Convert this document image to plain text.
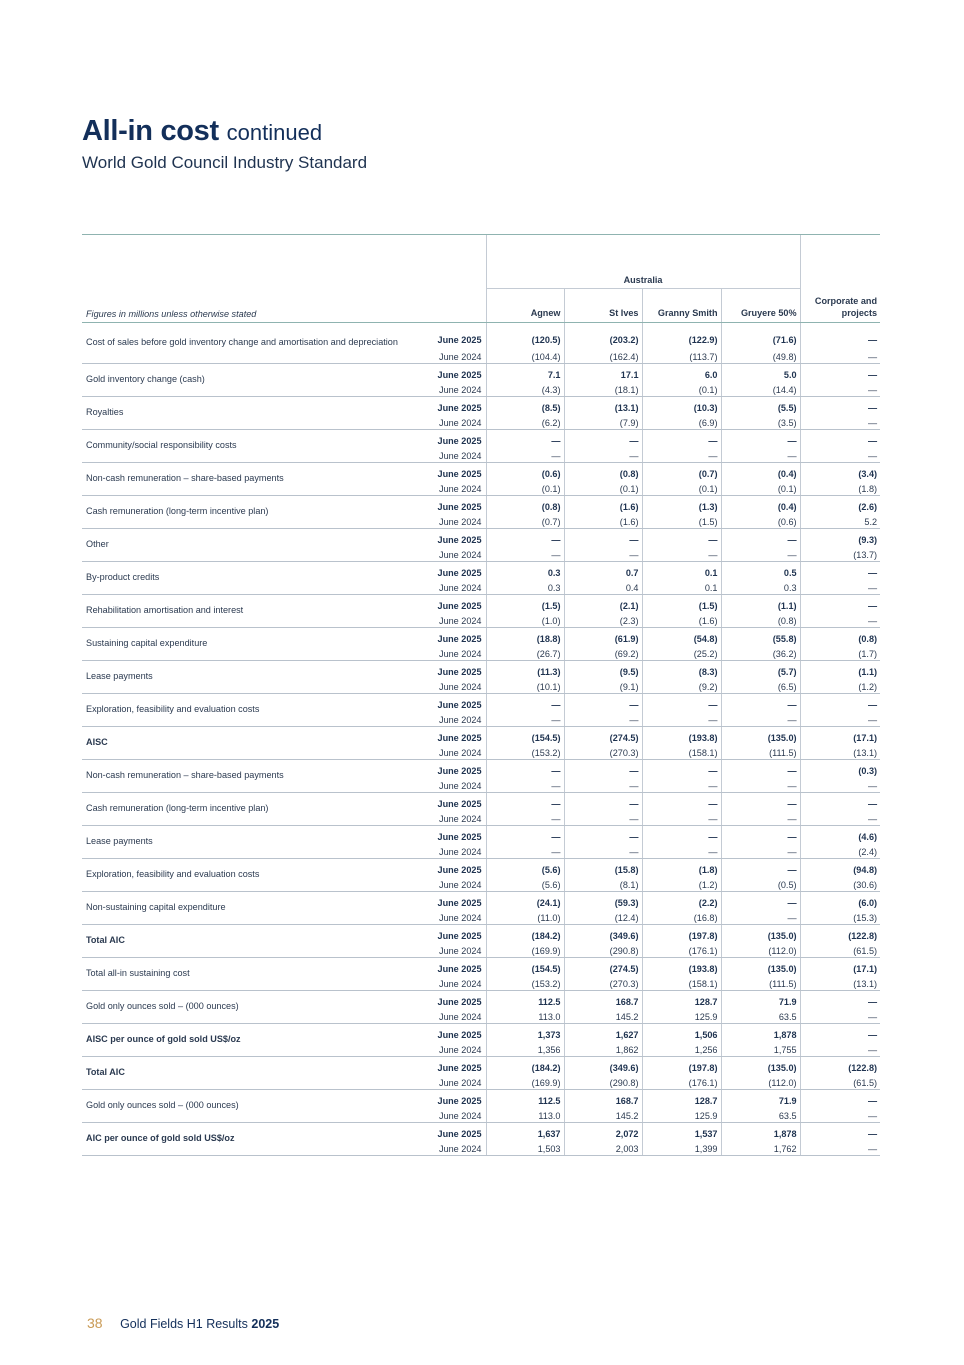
All-in cost continued

World Gold Council Industry Standard

		Australia				Corporate and projects
Figures in millions unless otherwise stated		Agnew	St Ives	Granny Smith	Gruyere 50%	
Cost of sales before gold inventory change and amortisation and depreciation	June 2025	(120.5)	(203.2)	(122.9)	(71.6)	—
	June 2024	(104.4)	(162.4)	(113.7)	(49.8)	—
Gold inventory change (cash)	June 2025	7.1	17.1	6.0	5.0	—
	June 2024	(4.3)	(18.1)	(0.1)	(14.4)	—
Royalties	June 2025	(8.5)	(13.1)	(10.3)	(5.5)	—
	June 2024	(6.2)	(7.9)	(6.9)	(3.5)	—
Community/social responsibility costs	June 2025	—	—	—	—	—
	June 2024	—	—	—	—	—
Non-cash remuneration – share-based payments	June 2025	(0.6)	(0.8)	(0.7)	(0.4)	(3.4)
	June 2024	(0.1)	(0.1)	(0.1)	(0.1)	(1.8)
Cash remuneration (long-term incentive plan)	June 2025	(0.8)	(1.6)	(1.3)	(0.4)	(2.6)
	June 2024	(0.7)	(1.6)	(1.5)	(0.6)	5.2
Other	June 2025	—	—	—	—	(9.3)
	June 2024	—	—	—	—	(13.7)
By-product credits	June 2025	0.3	0.7	0.1	0.5	—
	June 2024	0.3	0.4	0.1	0.3	—
Rehabilitation amortisation and interest	June 2025	(1.5)	(2.1)	(1.5)	(1.1)	—
	June 2024	(1.0)	(2.3)	(1.6)	(0.8)	—
Sustaining capital expenditure	June 2025	(18.8)	(61.9)	(54.8)	(55.8)	(0.8)
	June 2024	(26.7)	(69.2)	(25.2)	(36.2)	(1.7)
Lease payments	June 2025	(11.3)	(9.5)	(8.3)	(5.7)	(1.1)
	June 2024	(10.1)	(9.1)	(9.2)	(6.5)	(1.2)
Exploration, feasibility and evaluation costs	June 2025	—	—	—	—	—
	June 2024	—	—	—	—	—
AISC	June 2025	(154.5)	(274.5)	(193.8)	(135.0)	(17.1)
	June 2024	(153.2)	(270.3)	(158.1)	(111.5)	(13.1)
Non-cash remuneration – share-based payments	June 2025	—	—	—	—	(0.3)
	June 2024	—	—	—	—	—
Cash remuneration (long-term incentive plan)	June 2025	—	—	—	—	—
	June 2024	—	—	—	—	—
Lease payments	June 2025	—	—	—	—	(4.6)
	June 2024	—	—	—	—	(2.4)
Exploration, feasibility and evaluation costs	June 2025	(5.6)	(15.8)	(1.8)	—	(94.8)
	June 2024	(5.6)	(8.1)	(1.2)	(0.5)	(30.6)
Non-sustaining capital expenditure	June 2025	(24.1)	(59.3)	(2.2)	—	(6.0)
	June 2024	(11.0)	(12.4)	(16.8)	—	(15.3)
Total AIC	June 2025	(184.2)	(349.6)	(197.8)	(135.0)	(122.8)
	June 2024	(169.9)	(290.8)	(176.1)	(112.0)	(61.5)
Total all-in sustaining cost	June 2025	(154.5)	(274.5)	(193.8)	(135.0)	(17.1)
	June 2024	(153.2)	(270.3)	(158.1)	(111.5)	(13.1)
Gold only ounces sold – (000 ounces)	June 2025	112.5	168.7	128.7	71.9	—
	June 2024	113.0	145.2	125.9	63.5	—
AISC per ounce of gold sold US$/oz	June 2025	1,373	1,627	1,506	1,878	—
	June 2024	1,356	1,862	1,256	1,755	—
Total AIC	June 2025	(184.2)	(349.6)	(197.8)	(135.0)	(122.8)
	June 2024	(169.9)	(290.8)	(176.1)	(112.0)	(61.5)
Gold only ounces sold – (000 ounces)	June 2025	112.5	168.7	128.7	71.9	—
	June 2024	113.0	145.2	125.9	63.5	—
AIC per ounce of gold sold US$/oz	June 2025	1,637	2,072	1,537	1,878	—
	June 2024	1,503	2,003	1,399	1,762	—
38 Gold Fields H1 Results 2025
